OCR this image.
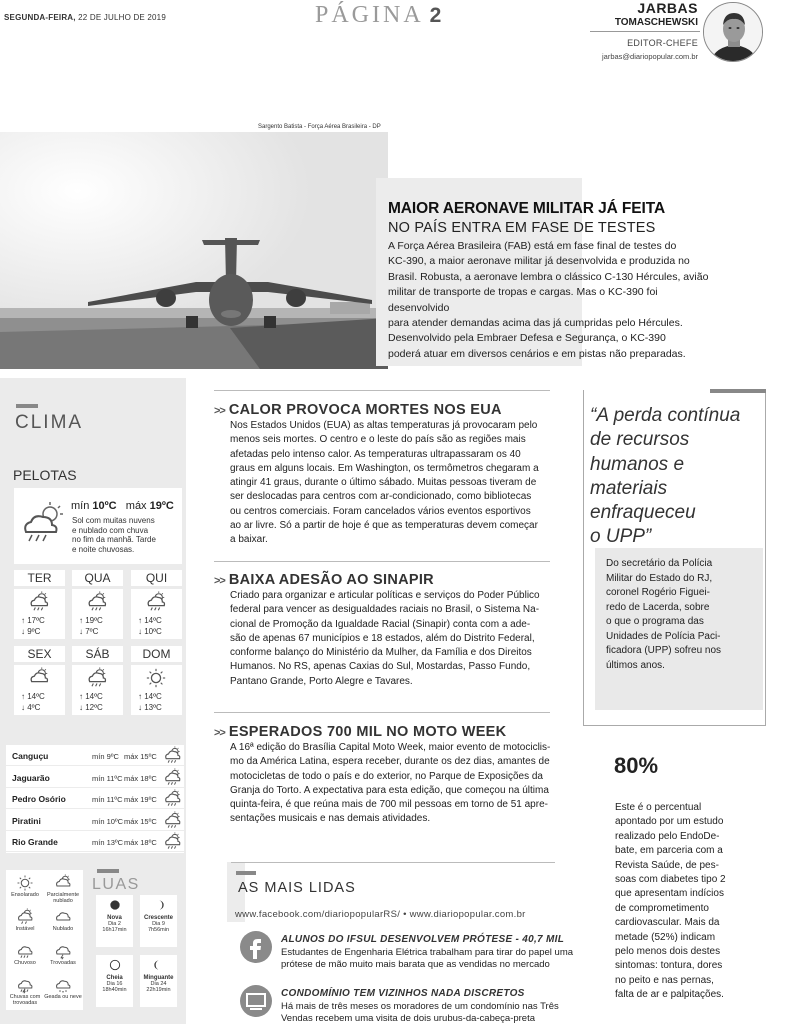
SEGUNDA-FEIRA, 22 DE JULHO DE 2019	PÁGINA 2	JARBAS
TOMASCHEWSKI
EDITOR-CHEFE
jarbas@diariopopular.com.br
Sargento Batista - Força Aérea Brasileira - DP
MAIOR AERONAVE MILITAR JÁ FEITA
NO PAÍS ENTRA EM FASE DE TESTES
A Força Aérea Brasileira (FAB) está em fase final de testes do
KC-390, a maior aeronave militar já desenvolvida e produzida no
Brasil. Robusta, a aeronave lembra o clássico C-130 Hércules, avião
militar de transporte de tropas e cargas. Mas o KC-390 foi desenvolvido
para atender demandas acima das já cumpridas pelo Hércules.
Desenvolvido pela Embraer Defesa e Segurança, o KC-390
poderá atuar em diversos cenários e em pistas não preparadas.
CLIMA
PELOTAS
mín 10ºC máx 19ºC
Sol com muitas nuvens
e nublado com chuva
no fim da manhã. Tarde
e noite chuvosas.
TER
↑ 17ºC
↓ 9ºC
QUA
↑ 19ºC
↓ 7ºC
QUI
↑ 14ºC
↓ 10ºC
SEX
↑ 14ºC
↓ 4ºC
SÁB
↑ 14ºC
↓ 12ºC
DOM
↑ 14ºC
↓ 13ºC
Canguçu	mín 9ºC máx 15ºC
Jaguarão	mín 11ºC máx 18ºC
Pedro Osório	mín 11ºC máx 19ºC
Piratini	mín 10ºC máx 15ºC
Rio Grande	mín 13ºC máx 18ºC
Ensolarado	Parcialmente nublado
Instável	Nublado
Chuvoso	Trovoadas
Chuvas com trovoadas
Geada ou neve
LUAS
Nova
Dia 2
16h17min
Crescente
Dia 9
7h56min
Cheia
Dia 16
18h40min
Minguante
Dia 24
22h19min
>> CALOR PROVOCA MORTES NOS EUA
Nos Estados Unidos (EUA) as altas temperaturas já provocaram pelo
menos seis mortes. O centro e o leste do país são as regiões mais
afetadas pelo intenso calor. As temperaturas ultrapassaram os 40
graus em alguns locais. Em Washington, os termômetros chegaram a
atingir 41 graus, durante o último sábado. Muitas pessoas tiveram de
ser deslocadas para centros com ar-condicionado, como bibliotecas
ou centros comerciais. Foram cancelados vários eventos esportivos
ao ar livre. Só a partir de hoje é que as temperaturas devem começar
a baixar.
>> BAIXA ADESÃO AO SINAPIR
Criado para organizar e articular políticas e serviços do Poder Público
federal para vencer as desigualdades raciais no Brasil, o Sistema Na-
cional de Promoção da Igualdade Racial (Sinapir) conta com a ade-
são de apenas 67 municípios e 18 estados, além do Distrito Federal,
conforme balanço do Ministério da Mulher, da Família e dos Direitos
Humanos. No RS, apenas Caxias do Sul, Mostardas, Passo Fundo,
Pantano Grande, Porto Alegre e Tavares.
>> ESPERADOS 700 MIL NO MOTO WEEK
A 16ª edição do Brasília Capital Moto Week, maior evento de motociclis-
mo da América Latina, espera receber, durante os dez dias, amantes de
motocicletas de todo o país e do exterior, no Parque de Exposições da
Granja do Torto. A expectativa para esta edição, que começou na última
quinta-feira, é que reúna mais de 700 mil pessoas em torno de 51 apre-
sentações musicais e nas demais atividades.
“A perda contínua
de recursos
humanos e
materiais
enfraqueceu
o UPP”
Do secretário da Polícia
Militar do Estado do RJ,
coronel Rogério Figuei-
redo de Lacerda, sobre
o que o programa das
Unidades de Polícia Paci-
ficadora (UPP) sofreu nos
últimos anos.
80%
Este é o percentual
apontado por um estudo
realizado pelo EndoDe-
bate, em parceria com a
Revista Saúde, de pes-
soas com diabetes tipo 2
que apresentam indícios
de comprometimento
cardiovascular. Mais da
metade (52%) indicam
pelo menos dois destes
sintomas: tontura, dores
no peito e nas pernas,
falta de ar e palpitações.
AS MAIS LIDAS
www.facebook.com/diariopopularRS/ • www.diariopopular.com.br
ALUNOS DO IFSUL DESENVOLVEM PRÓTESE - 40,7 MIL
Estudantes de Engenharia Elétrica trabalham para tirar do papel uma
prótese de mão muito mais barata que as vendidas no mercado
CONDOMÍNIO TEM VIZINHOS NADA DISCRETOS
Há mais de três meses os moradores de um condomínio nas Três
Vendas recebem uma visita de dois urubus-da-cabeça-preta
